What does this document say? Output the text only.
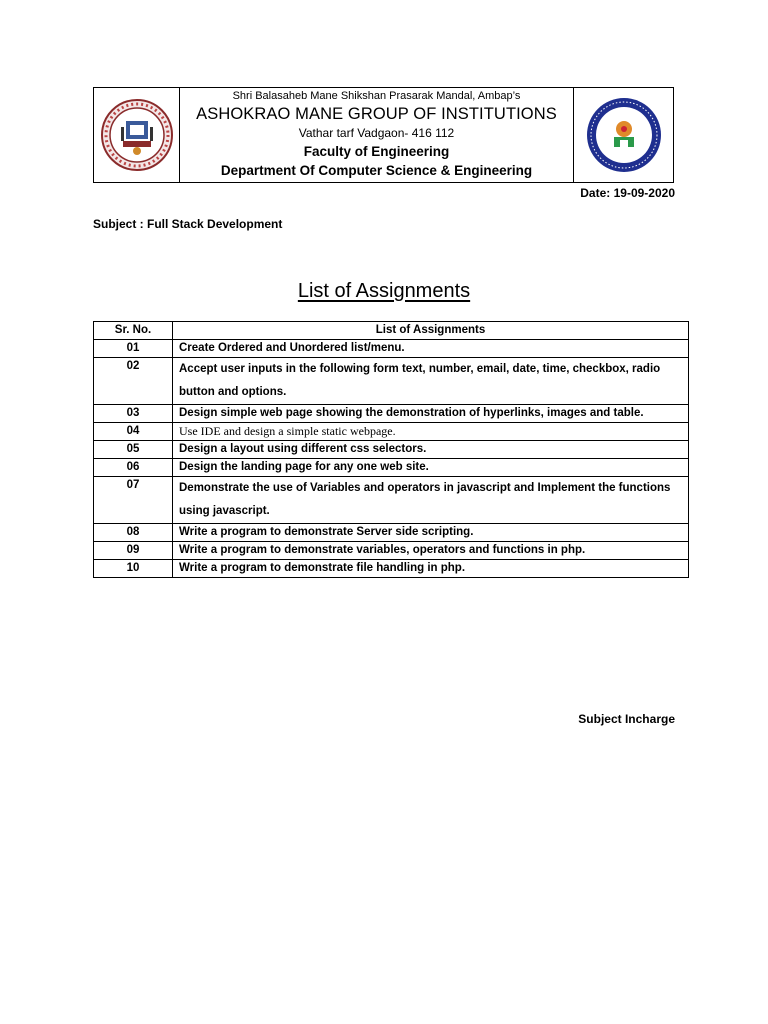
Shri Balasaheb Mane Shikshan Prasarak Mandal, Ambap’s
ASHOKRAO MANE GROUP OF INSTITUTIONS
Vathar tarf Vadgaon- 416 112
Faculty of Engineering
Department Of Computer Science & Engineering
Date: 19-09-2020
Subject : Full Stack Development
List of Assignments
Sr. No.	List of Assignments
01	Create Ordered and Unordered list/menu.
02	Accept user inputs in the following form text, number, email, date, time, checkbox, radio button and options.
03	Design simple web page showing the demonstration of hyperlinks, images and table.
04	Use IDE and design a simple static webpage.
05	Design a layout using different css selectors.
06	Design the landing page for any one web site.
07	Demonstrate the use of Variables and operators in javascript and Implement the functions using javascript.
08	Write a program to demonstrate Server side scripting.
09	Write a program to demonstrate variables, operators and functions in php.
10	Write a program to demonstrate file handling in php.
Subject Incharge
